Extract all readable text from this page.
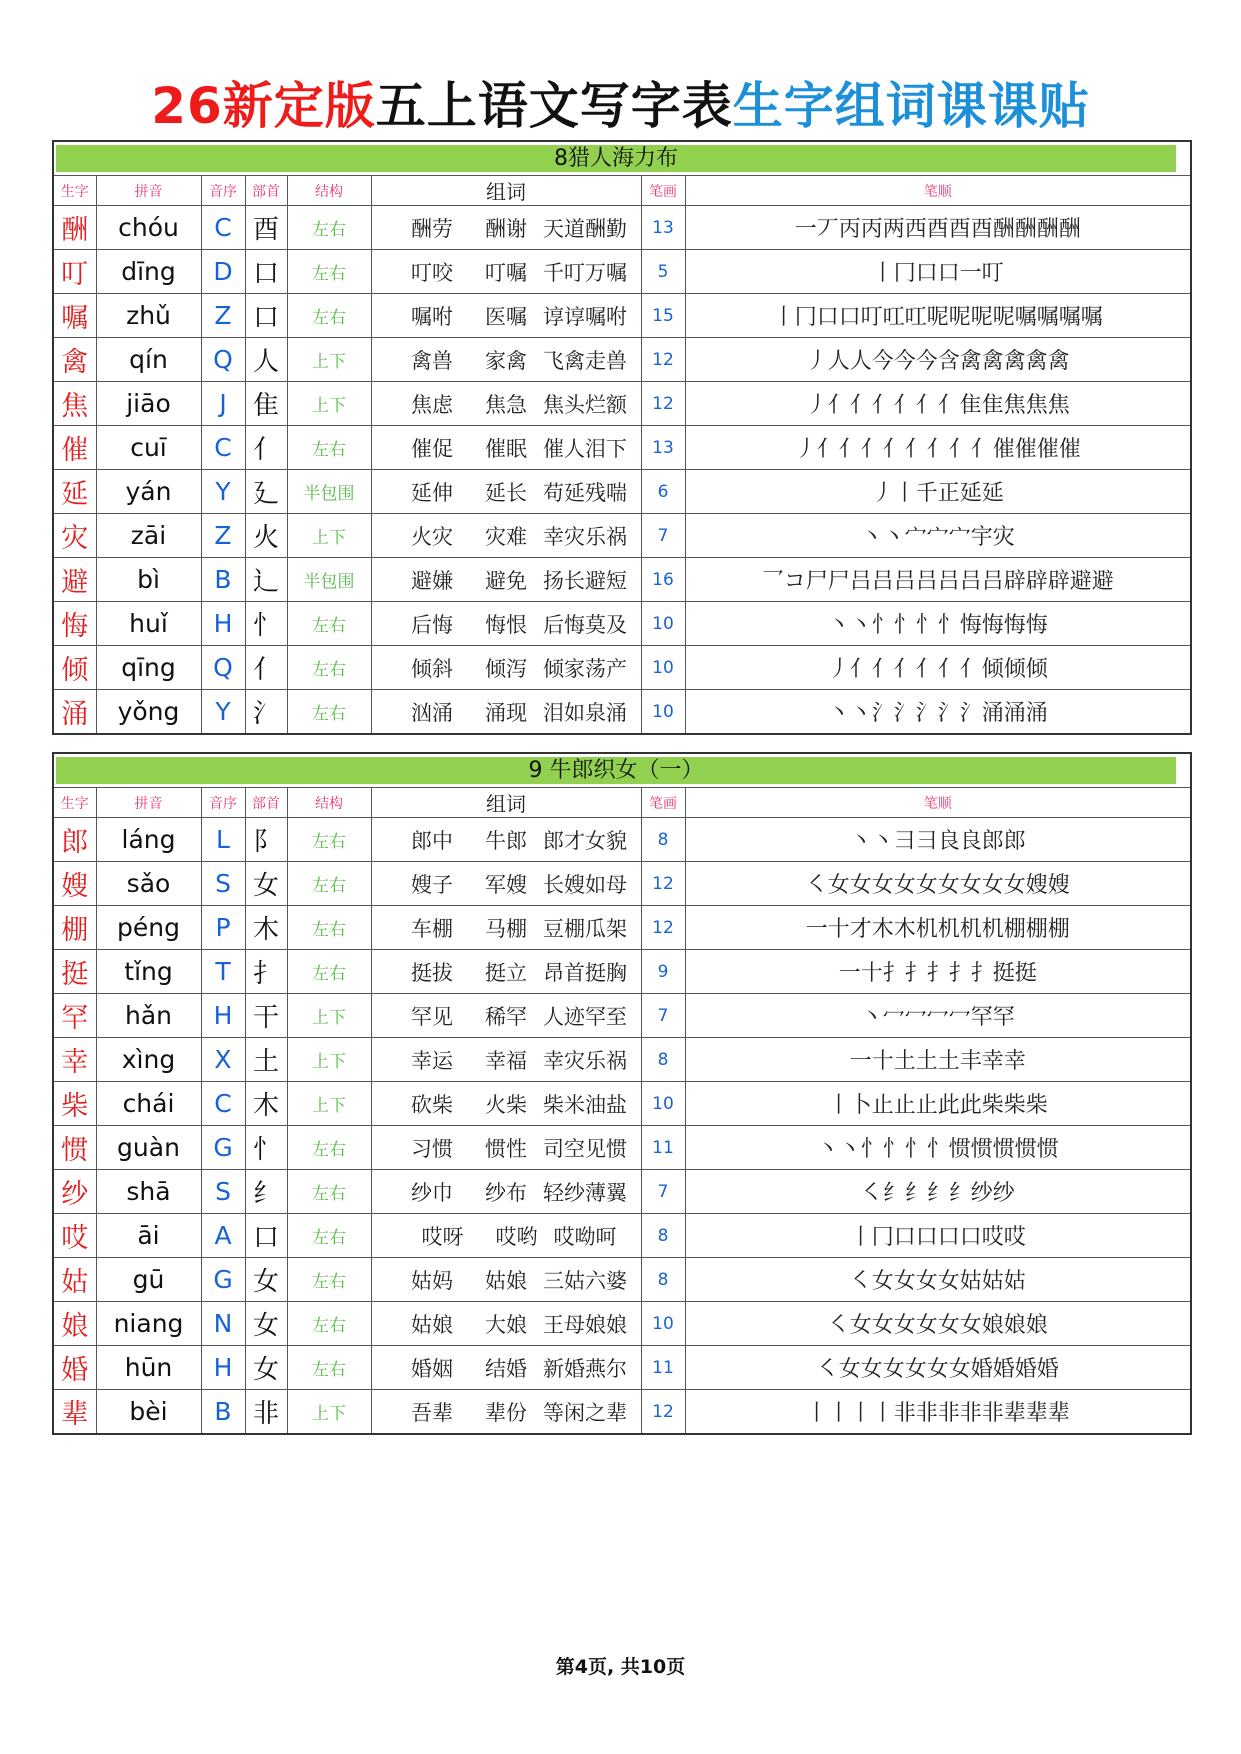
26新定版五上语文写字表生字组词课课贴
8猎人海力布							

生字	拼音	音序	部首	结构	组词	笔画	笔顺
酬	chóu	C	酉	左右	酬劳 酬谢 天道酬勤	13	一丆丙丙两西酉酉酉酬酬酬酬
叮	dīng	D	口	左右	叮咬 叮嘱 千叮万嘱	5	丨冂口口一叮
嘱	zhǔ	Z	口	左右	嘱咐 医嘱 谆谆嘱咐	15	丨冂口口叮叿叿呢呢呢呢嘱嘱嘱嘱
禽	qín	Q	人	上下	禽兽 家禽 飞禽走兽	12	丿人人今今今含禽禽禽禽禽
焦	jiāo	J	隹	上下	焦虑 焦急 焦头烂额	12	丿亻亻亻亻亻亻隹隹焦焦焦
催	cuī	C	亻	左右	催促 催眠 催人泪下	13	丿亻亻亻亻亻亻亻亻催催催催
延	yán	Y	廴	半包围	延伸 延长 苟延残喘	6	丿丨千正延延
灾	zāi	Z	火	上下	火灾 灾难 幸灾乐祸	7	丶丶宀宀宀宇灾
避	bì	B	辶	半包围	避嫌 避免 扬长避短	16	乛コ尸尸吕吕吕吕吕吕吕辟辟辟避避
悔	huǐ	H	忄	左右	后悔 悔恨 后悔莫及	10	丶丶忄忄忄忄悔悔悔悔
倾	qīng	Q	亻	左右	倾斜 倾泻 倾家荡产	10	丿亻亻亻亻亻亻倾倾倾
涌	yǒng	Y	氵	左右	汹涌 涌现 泪如泉涌	10	丶丶氵氵氵氵氵涌涌涌
9 牛郎织女（一）							

生字	拼音	音序	部首	结构	组词	笔画	笔顺
郎	láng	L	阝	左右	郎中 牛郎 郎才女貌	8	丶丶彐彐良良郎郎
嫂	sǎo	S	女	左右	嫂子 军嫂 长嫂如母	12	㇛女女女女女女女女女嫂嫂
棚	péng	P	木	左右	车棚 马棚 豆棚瓜架	12	一十才木木机机机机棚棚棚
挺	tǐng	T	扌	左右	挺拔 挺立 昂首挺胸	9	一十扌扌扌扌扌挺挺
罕	hǎn	H	干	上下	罕见 稀罕 人迹罕至	7	丶冖冖冖冖罕罕
幸	xìng	X	土	上下	幸运 幸福 幸灾乐祸	8	一十土土土丰幸幸
柴	chái	C	木	上下	砍柴 火柴 柴米油盐	10	丨卜止止止此此柴柴柴
惯	guàn	G	忄	左右	习惯 惯性 司空见惯	11	丶丶忄忄忄忄惯惯惯惯惯
纱	shā	S	纟	左右	纱巾 纱布 轻纱薄翼	7	㇛纟纟纟纟纱纱
哎	āi	A	口	左右	哎呀 哎哟 哎呦呵	8	丨冂口口口口哎哎
姑	gū	G	女	左右	姑妈 姑娘 三姑六婆	8	㇛女女女女姑姑姑
娘	niang	N	女	左右	姑娘 大娘 王母娘娘	10	㇛女女女女女女娘娘娘
婚	hūn	H	女	左右	婚姻 结婚 新婚燕尔	11	㇛女女女女女女婚婚婚婚
辈	bèi	B	非	上下	吾辈 辈份 等闲之辈	12	丨丨丨丨非非非非非辈辈辈
第4页, 共10页
